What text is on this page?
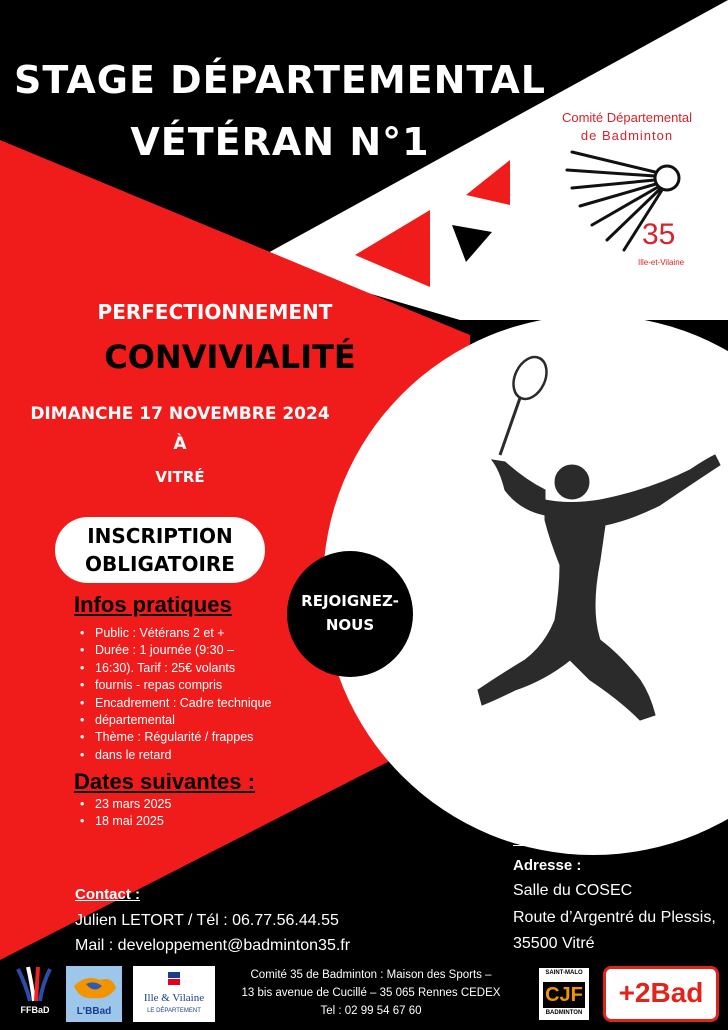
STAGE DÉPARTEMENTAL
VÉTÉRAN N°1
Comité Départemental
de Badminton
35
Ille-et-Vilaine
PERFECTIONNEMENT
CONVIVIALITÉ
DIMANCHE 17 NOVEMBRE 2024
À
VITRÉ
INSCRIPTION
OBLIGATOIRE
REJOIGNEZ-
NOUS
Infos pratiques
• Public : Vétérans 2 et +
• Durée : 1 journée (9:30 –
• 16:30). Tarif : 25€ volants
• fournis - repas compris
• Encadrement : Cadre technique
• départemental
• Thème : Régularité / frappes
• dans le retard
Dates suivantes :
• 23 mars 2025
• 18 mai 2025
Contact :
Julien LETORT / Tél : 06.77.56.44.55
Mail : developpement@badminton35.fr
Adresse :
Salle du COSEC
Route d’Argentré du Plessis,
35500 Vitré
FFBaD	L'BBad
Ille & Vilaine
LE DÉPARTEMENT
Comité 35 de Badminton : Maison des Sports –
13 bis avenue de Cucillé – 35 065 Rennes CEDEX
Tel : 02 99 54 67 60
SAINT-MALO
CJF
BADMINTON
+2Bad
